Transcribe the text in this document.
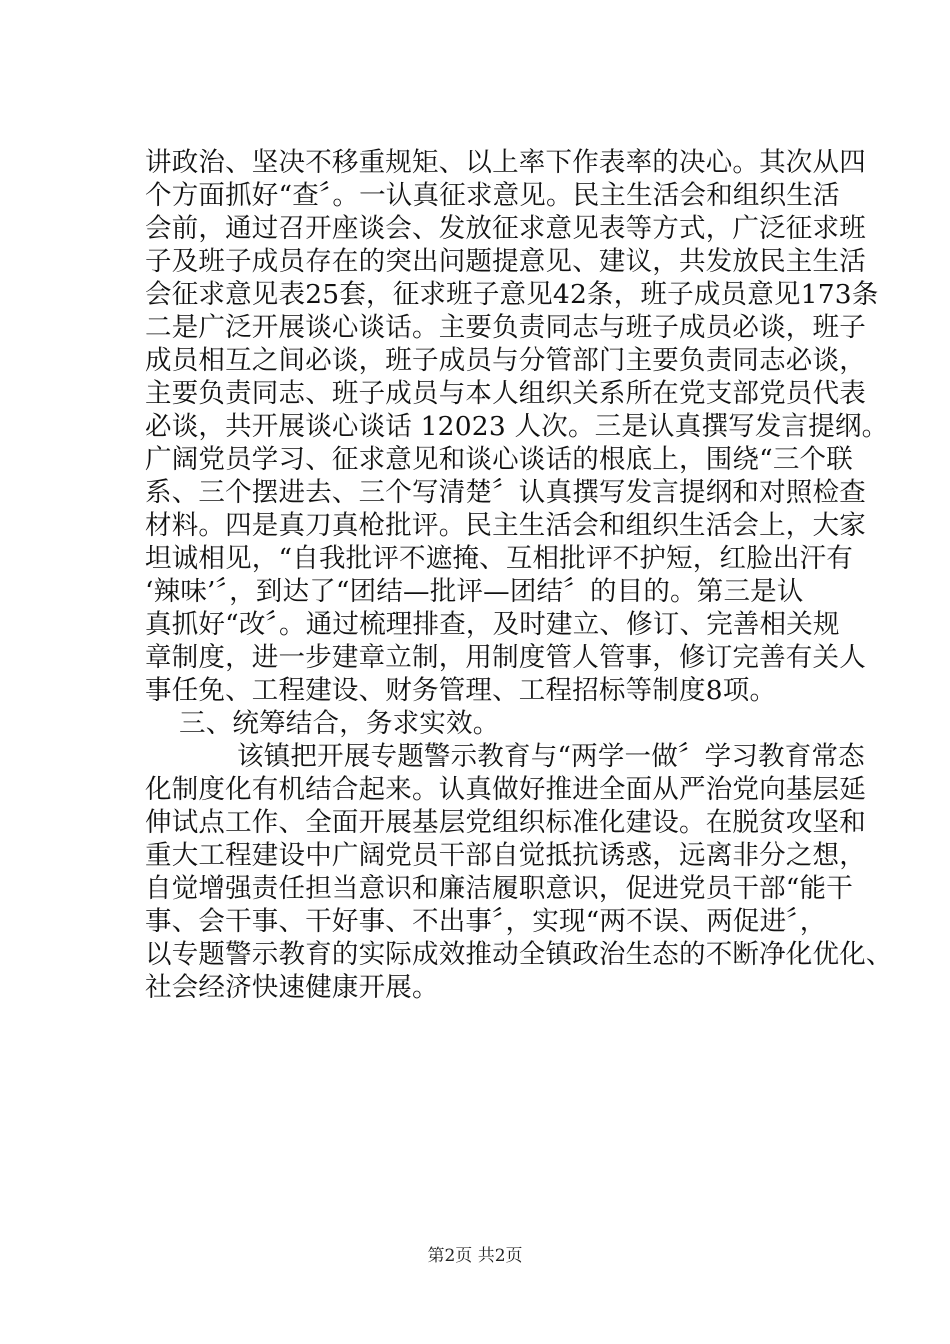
讲政治、坚决不移重规矩、以上率下作表率的决心。其次从四
个方面抓好“查〞。一认真征求意见。民主生活会和组织生活
会前，通过召开座谈会、发放征求意见表等方式，广泛征求班
子及班子成员存在的突出问题提意见、建议，共发放民主生活
会征求意见表25套，征求班子意见42条，班子成员意见173条
二是广泛开展谈心谈话。主要负责同志与班子成员必谈，班子
成员相互之间必谈，班子成员与分管部门主要负责同志必谈，
主要负责同志、班子成员与本人组织关系所在党支部党员代表
必谈，共开展谈心谈话 12023 人次。三是认真撰写发言提纲。
广阔党员学习、征求意见和谈心谈话的根底上，围绕“三个联
系、三个摆进去、三个写清楚〞认真撰写发言提纲和对照检查
材料。四是真刀真枪批评。民主生活会和组织生活会上，大家
坦诚相见，“自我批评不遮掩、互相批评不护短，红脸出汗有
‘辣味’〞，到达了“团结—批评—团结〞的目的。第三是认
真抓好“改〞。通过梳理排查，及时建立、修订、完善相关规
章制度，进一步建章立制，用制度管人管事，修订完善有关人
事任免、工程建设、财务管理、工程招标等制度8项。
三、统筹结合，务求实效。
该镇把开展专题警示教育与“两学一做〞学习教育常态
化制度化有机结合起来。认真做好推进全面从严治党向基层延
伸试点工作、全面开展基层党组织标准化建设。在脱贫攻坚和
重大工程建设中广阔党员干部自觉抵抗诱惑，远离非分之想，
自觉增强责任担当意识和廉洁履职意识，促进党员干部“能干
事、会干事、干好事、不出事〞，实现“两不误、两促进〞，
以专题警示教育的实际成效推动全镇政治生态的不断净化优化、
社会经济快速健康开展。
第2页 共2页
